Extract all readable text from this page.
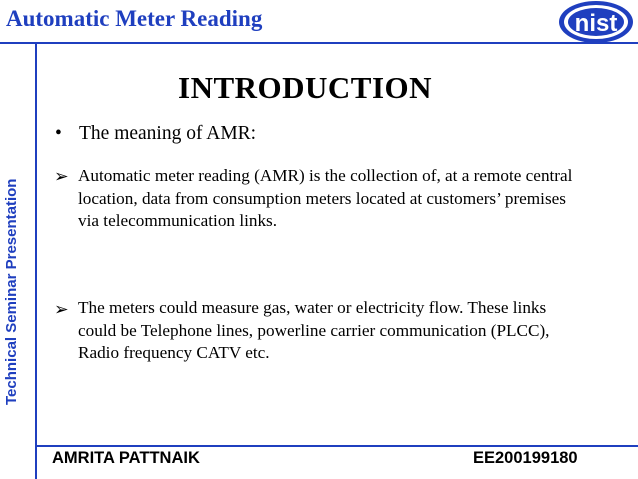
Automatic Meter Reading	nist
Technical Seminar Presentation
INTRODUCTION
• The meaning of AMR:
➢ Automatic meter reading (AMR) is the collection of, at a remote central location, data from consumption meters located at customers’ premises via telecommunication links.
➢ The meters could measure gas, water or electricity flow. These links could be Telephone lines, powerline carrier communication (PLCC), Radio frequency CATV etc.
AMRITA PATTNAIK	EE200199180
